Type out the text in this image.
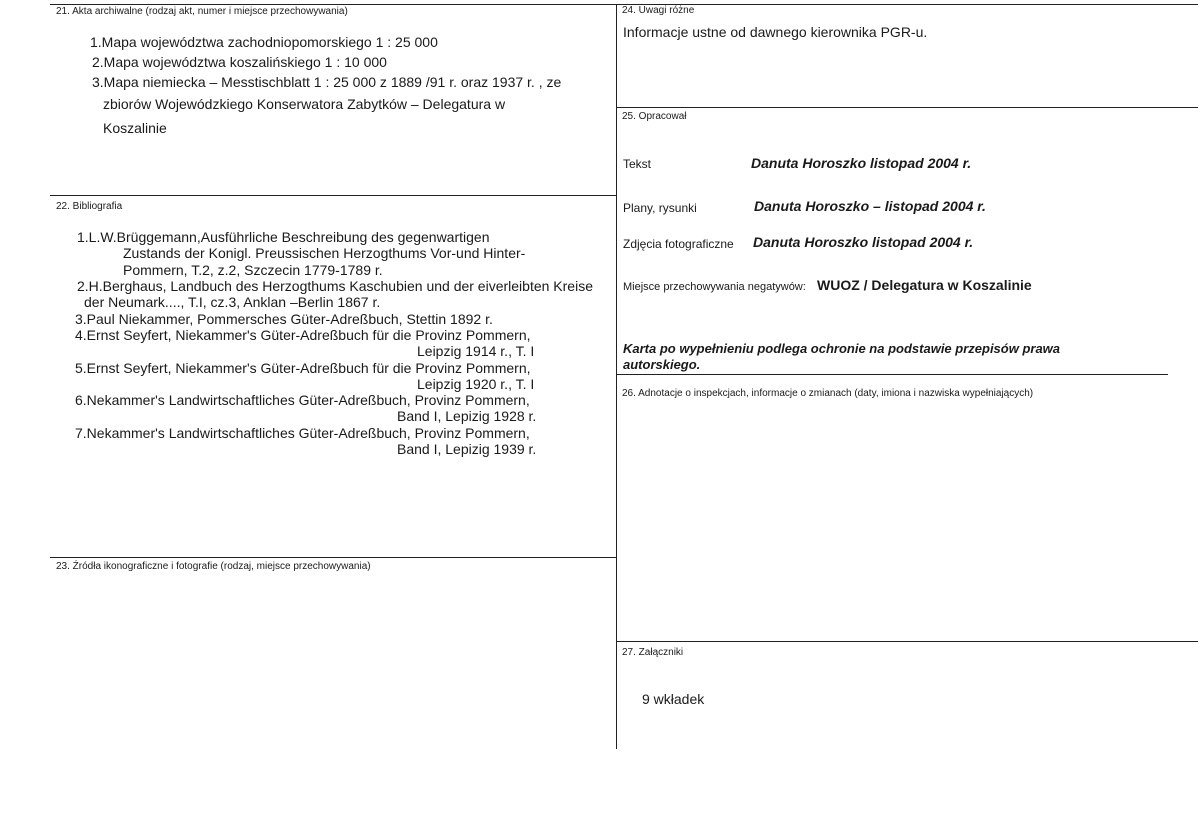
21. Akta archiwalne (rodzaj akt, numer i miejsce przechowywania)
1.Mapa województwa zachodniopomorskiego 1 : 25 000
2.Mapa województwa koszalińskiego 1 : 10 000
3.Mapa niemiecka – Messtischblatt 1 : 25 000 z 1889 /91 r. oraz 1937 r. , ze
zbiorów Wojewódzkiego Konserwatora Zabytków – Delegatura w
Koszalinie
22. Bibliografia
1.L.W.Brüggemann,Ausführliche Beschreibung des gegenwartigen
Zustands der Konigl. Preussischen Herzogthums Vor-und Hinter-
Pommern, T.2, z.2, Szczecin 1779-1789 r.
2.H.Berghaus, Landbuch des Herzogthums Kaschubien und der eiverleibten Kreise
der Neumark...., T.I, cz.3, Anklan –Berlin 1867 r.
3.Paul Niekammer, Pommersches Güter-Adreßbuch, Stettin 1892 r.
4.Ernst Seyfert, Niekammer's Güter-Adreßbuch für die Provinz Pommern,
Leipzig 1914 r., T. I
5.Ernst Seyfert, Niekammer's Güter-Adreßbuch für die Provinz Pommern,
Leipzig 1920 r., T. I
6.Nekammer's Landwirtschaftliches Güter-Adreßbuch, Provinz Pommern,
Band I, Lepizig 1928 r.
7.Nekammer's Landwirtschaftliches Güter-Adreßbuch, Provinz Pommern,
Band I, Lepizig 1939 r.
23. Źródła ikonograficzne i fotografie (rodzaj, miejsce przechowywania)
24. Uwagi różne
Informacje ustne od dawnego kierownika PGR-u.
25. Opracował
Tekst	Danuta Horoszko listopad 2004 r.
Plany, rysunki	Danuta Horoszko – listopad 2004 r.
Zdjęcia fotograficzne Danuta Horoszko listopad 2004 r.
Miejsce przechowywania negatywów: WUOZ / Delegatura w Koszalinie
Karta po wypełnieniu podlega ochronie na podstawie przepisów prawa
autorskiego.
26. Adnotacje o inspekcjach, informacje o zmianach (daty, imiona i nazwiska wypełniających)
27. Załączniki
9 wkładek
